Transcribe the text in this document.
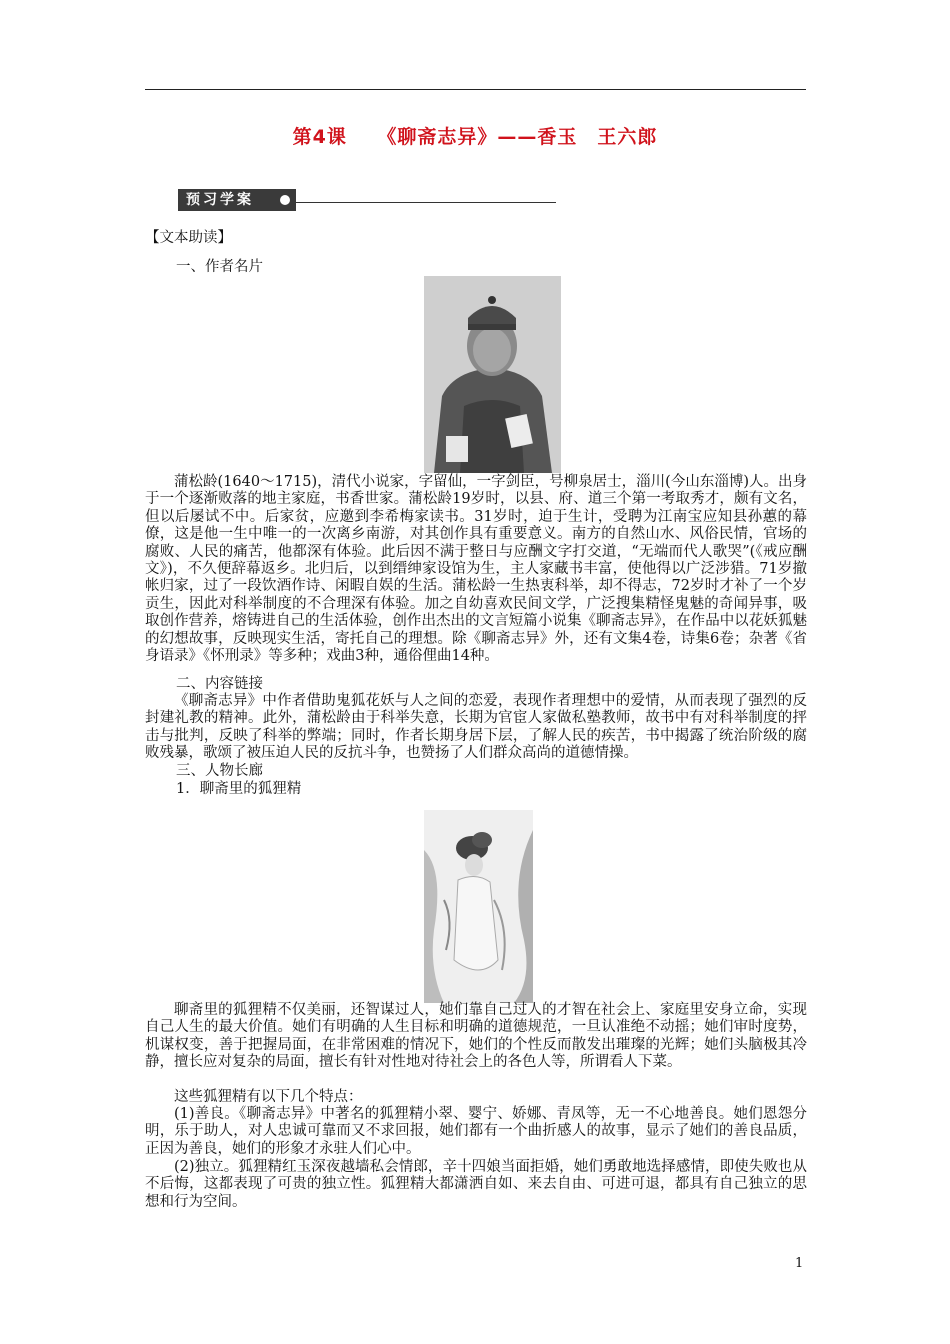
第4课 《聊斋志异》——香玉　王六郎
预习学案
【文本助读】
一、作者名片

蒲松龄(1640～1715)，清代小说家，字留仙，一字剑臣，号柳泉居士，淄川(今山东淄博)人。出身于一个逐渐败落的地主家庭，书香世家。蒲松龄19岁时，以县、府、道三个第一考取秀才，颇有文名，但以后屡试不中。后家贫，应邀到李希梅家读书。31岁时，迫于生计，受聘为江南宝应知县孙蕙的幕僚，这是他一生中唯一的一次离乡南游，对其创作具有重要意义。南方的自然山水、风俗民情，官场的腐败、人民的痛苦，他都深有体验。此后因不满于整日与应酬文字打交道，“无端而代人歌哭”(《戒应酬文》)，不久便辞幕返乡。北归后，以到缙绅家设馆为生，主人家藏书丰富，使他得以广泛涉猎。71岁撤帐归家，过了一段饮酒作诗、闲暇自娱的生活。蒲松龄一生热衷科举，却不得志，72岁时才补了一个岁贡生，因此对科举制度的不合理深有体验。加之自幼喜欢民间文学，广泛搜集精怪鬼魅的奇闻异事，吸取创作营养，熔铸进自己的生活体验，创作出杰出的文言短篇小说集《聊斋志异》，在作品中以花妖狐魅的幻想故事，反映现实生活，寄托自己的理想。除《聊斋志异》外，还有文集4卷，诗集6卷；杂著《省身语录》《怀刑录》等多种；戏曲3种，通俗俚曲14种。

二、内容链接

《聊斋志异》中作者借助鬼狐花妖与人之间的恋爱，表现作者理想中的爱情，从而表现了强烈的反封建礼教的精神。此外，蒲松龄由于科举失意，长期为官宦人家做私塾教师，故书中有对科举制度的抨击与批判，反映了科举的弊端；同时，作者长期身居下层，了解人民的疾苦，书中揭露了统治阶级的腐败残暴，歌颂了被压迫人民的反抗斗争，也赞扬了人们群众高尚的道德情操。

三、人物长廊
1．聊斋里的狐狸精

聊斋里的狐狸精不仅美丽，还智谋过人，她们靠自己过人的才智在社会上、家庭里安身立命，实现自己人生的最大价值。她们有明确的人生目标和明确的道德规范，一旦认准绝不动摇；她们审时度势，机谋权变，善于把握局面，在非常困难的情况下，她们的个性反而散发出璀璨的光辉；她们头脑极其冷静，擅长应对复杂的局面，擅长有针对性地对待社会上的各色人等，所谓看人下菜。

这些狐狸精有以下几个特点：

(1)善良。《聊斋志异》中著名的狐狸精小翠、婴宁、娇娜、青凤等，无一不心地善良。她们恩怨分明，乐于助人，对人忠诚可靠而又不求回报，她们都有一个曲折感人的故事，显示了她们的善良品质，正因为善良，她们的形象才永驻人们心中。

(2)独立。狐狸精红玉深夜越墙私会情郎，辛十四娘当面拒婚，她们勇敢地选择感情，即使失败也从不后悔，这都表现了可贵的独立性。狐狸精大都潇洒自如、来去自由、可进可退，都具有自己独立的思想和行为空间。

1
